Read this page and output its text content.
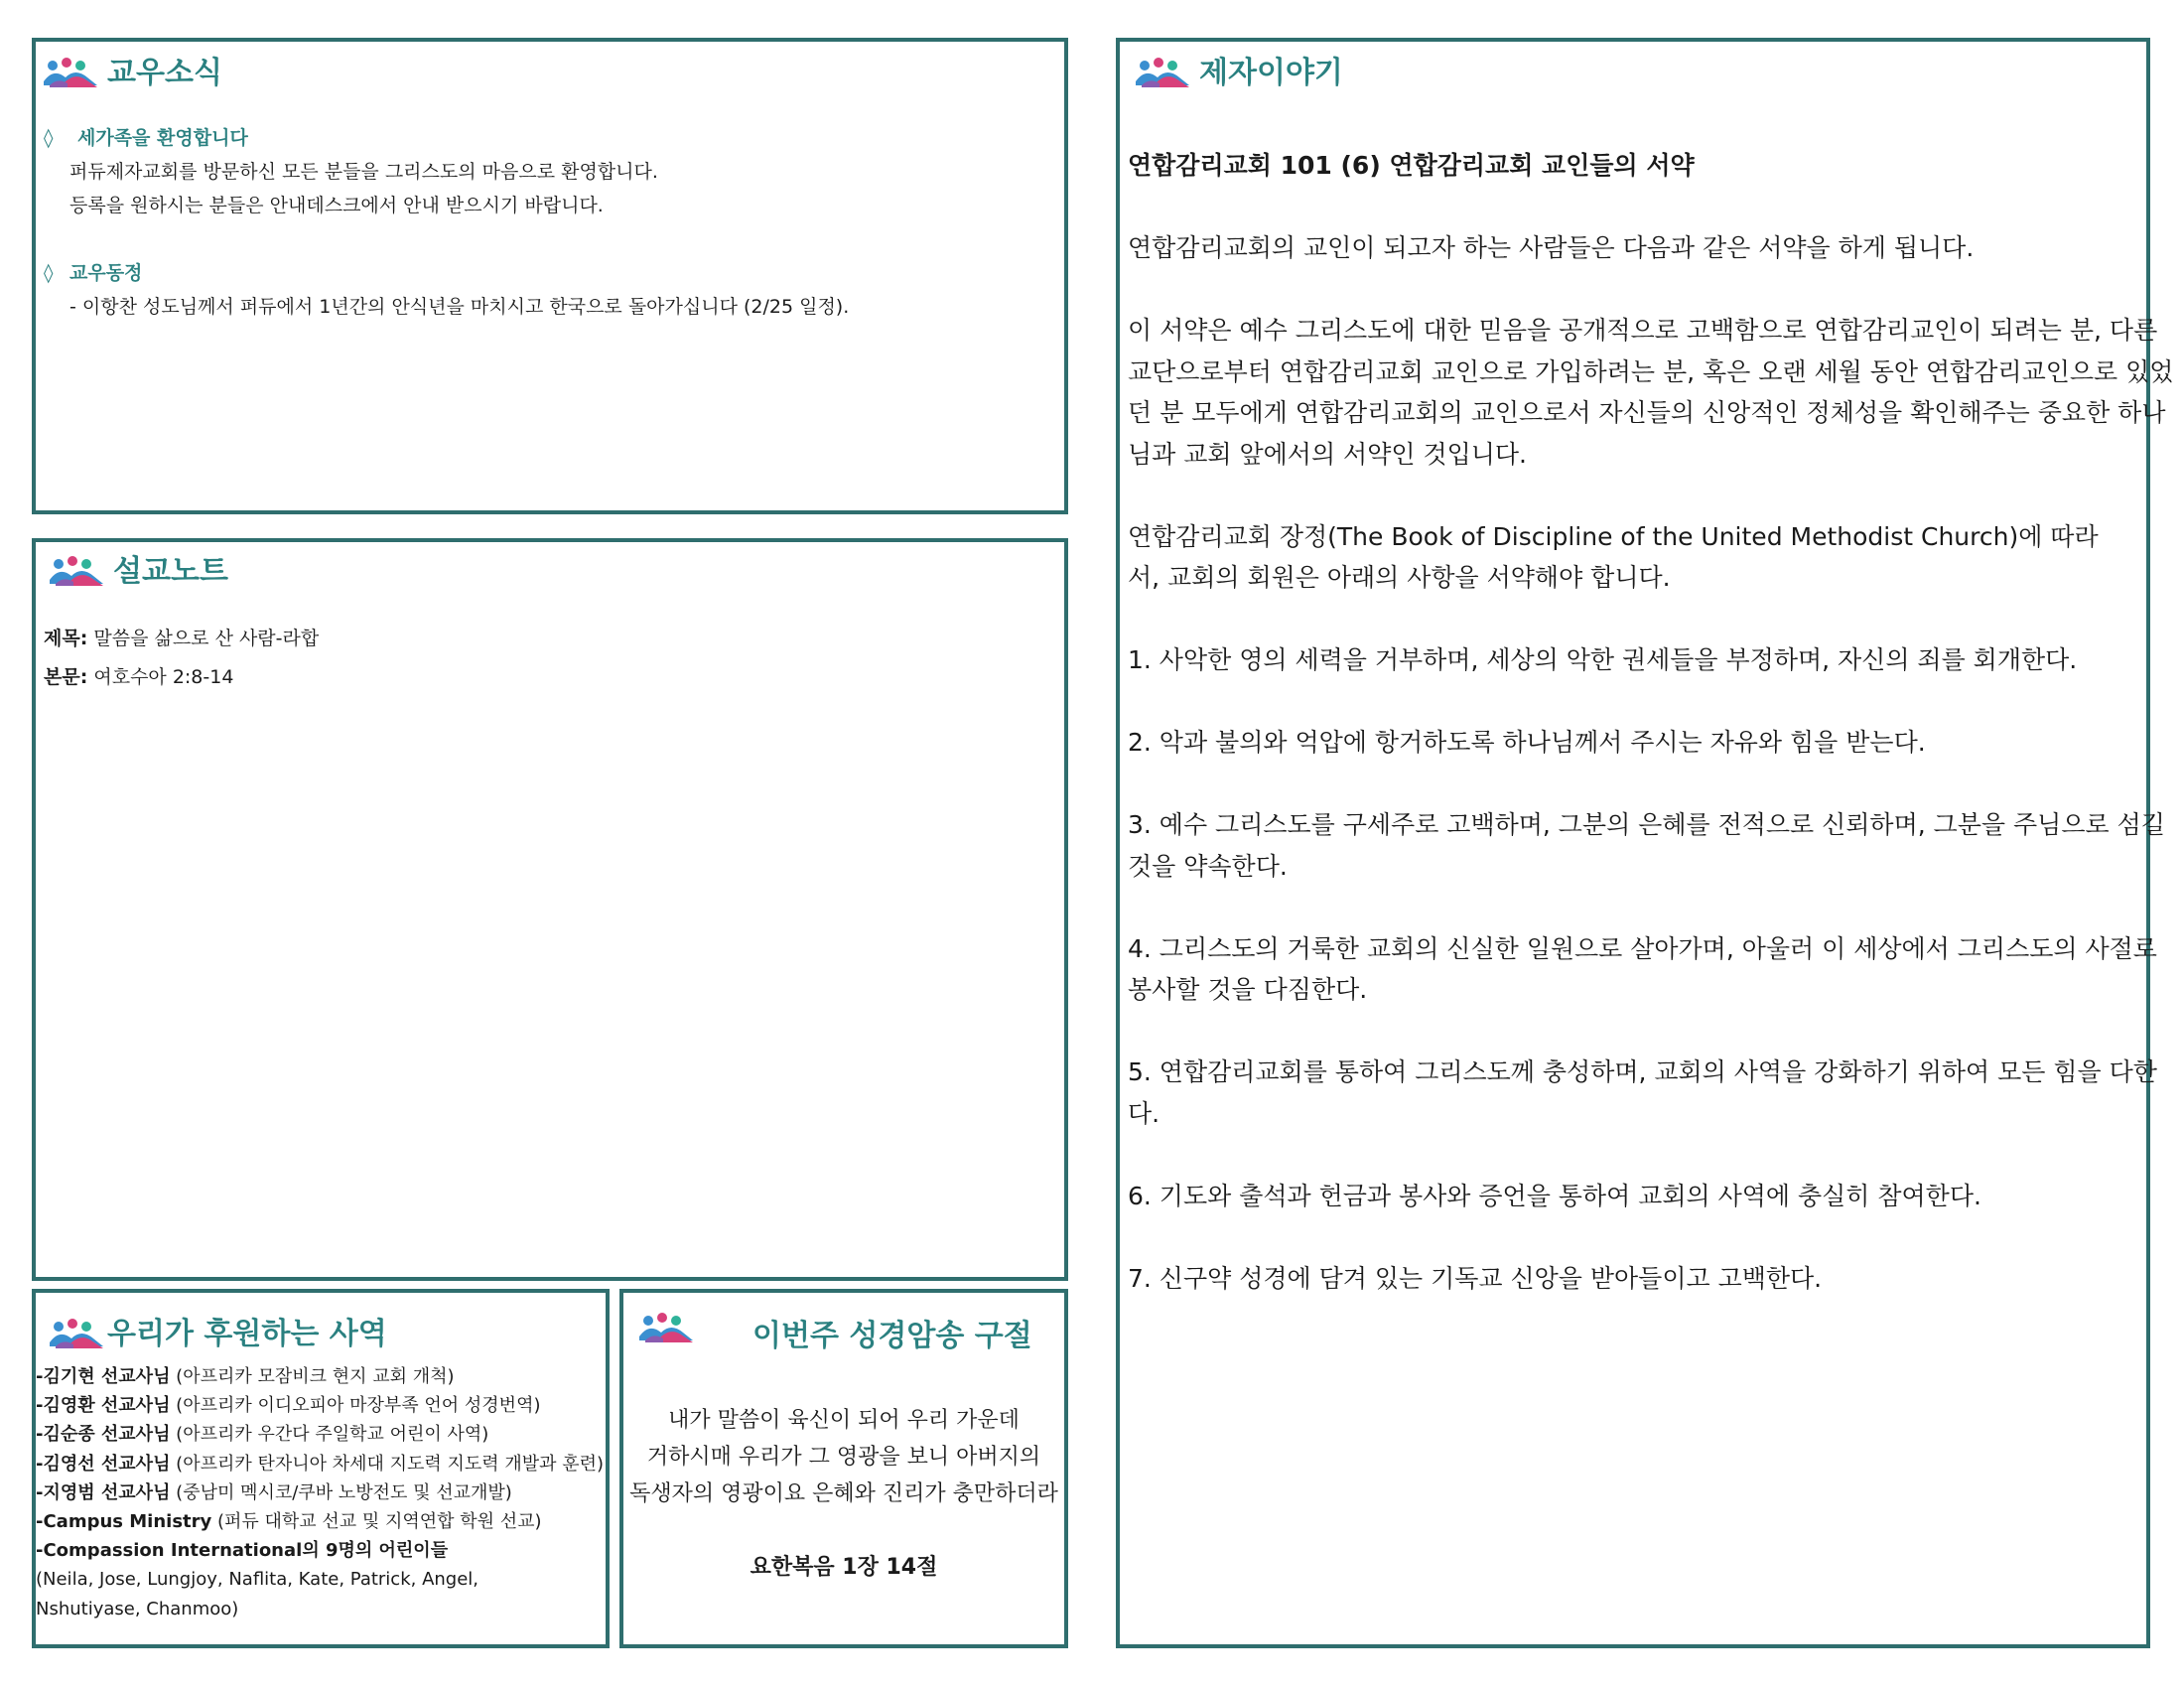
교우소식
◊ 세가족을 환영합니다
퍼듀제자교회를 방문하신 모든 분들을 그리스도의 마음으로 환영합니다.
등록을 원하시는 분들은 안내데스크에서 안내 받으시기 바랍니다.
◊ 교우동정
- 이항찬 성도님께서 퍼듀에서 1년간의 안식년을 마치시고 한국으로 돌아가십니다 (2/25 일정).
설교노트
제목: 말씀을 삶으로 산 사람-라합
본문: 여호수아 2:8-14
우리가 후원하는 사역
-김기현 선교사님 (아프리카 모잠비크 현지 교회 개척)
-김영환 선교사님 (아프리카 이디오피아 마장부족 언어 성경번역)
-김순종 선교사님 (아프리카 우간다 주일학교 어린이 사역)
-김영선 선교사님 (아프리카 탄자니아 차세대 지도력 지도력 개발과 훈련)
-지영범 선교사님 (중남미 멕시코/쿠바 노방전도 및 선교개발)
-Campus Ministry (퍼듀 대학교 선교 및 지역연합 학원 선교)
-Compassion International의 9명의 어린이들
(Neila, Jose, Lungjoy, Naflita, Kate, Patrick, Angel,
Nshutiyase, Chanmoo)
이번주 성경암송 구절
내가 말씀이 육신이 되어 우리 가운데
거하시매 우리가 그 영광을 보니 아버지의
독생자의 영광이요 은혜와 진리가 충만하더라
요한복음 1장 14절
제자이야기

연합감리교회 101 (6) 연합감리교회 교인들의 서약

연합감리교회의 교인이 되고자 하는 사람들은 다음과 같은 서약을 하게 됩니다.

이 서약은 예수 그리스도에 대한 믿음을 공개적으로 고백함으로 연합감리교인이 되려는 분, 다른

교단으로부터 연합감리교회 교인으로 가입하려는 분, 혹은 오랜 세월 동안 연합감리교인으로 있었

던 분 모두에게 연합감리교회의 교인으로서 자신들의 신앙적인 정체성을 확인해주는 중요한 하나

님과 교회 앞에서의 서약인 것입니다.

연합감리교회 장정(The Book of Discipline of the United Methodist Church)에 따라

서, 교회의 회원은 아래의 사항을 서약해야 합니다.

1. 사악한 영의 세력을 거부하며, 세상의 악한 권세들을 부정하며, 자신의 죄를 회개한다.

2. 악과 불의와 억압에 항거하도록 하나님께서 주시는 자유와 힘을 받는다.

3. 예수 그리스도를 구세주로 고백하며, 그분의 은혜를 전적으로 신뢰하며, 그분을 주님으로 섬길

것을 약속한다.

4. 그리스도의 거룩한 교회의 신실한 일원으로 살아가며, 아울러 이 세상에서 그리스도의 사절로

봉사할 것을 다짐한다.

5. 연합감리교회를 통하여 그리스도께 충성하며, 교회의 사역을 강화하기 위하여 모든 힘을 다한

다.

6. 기도와 출석과 헌금과 봉사와 증언을 통하여 교회의 사역에 충실히 참여한다.

7. 신구약 성경에 담겨 있는 기독교 신앙을 받아들이고 고백한다.
